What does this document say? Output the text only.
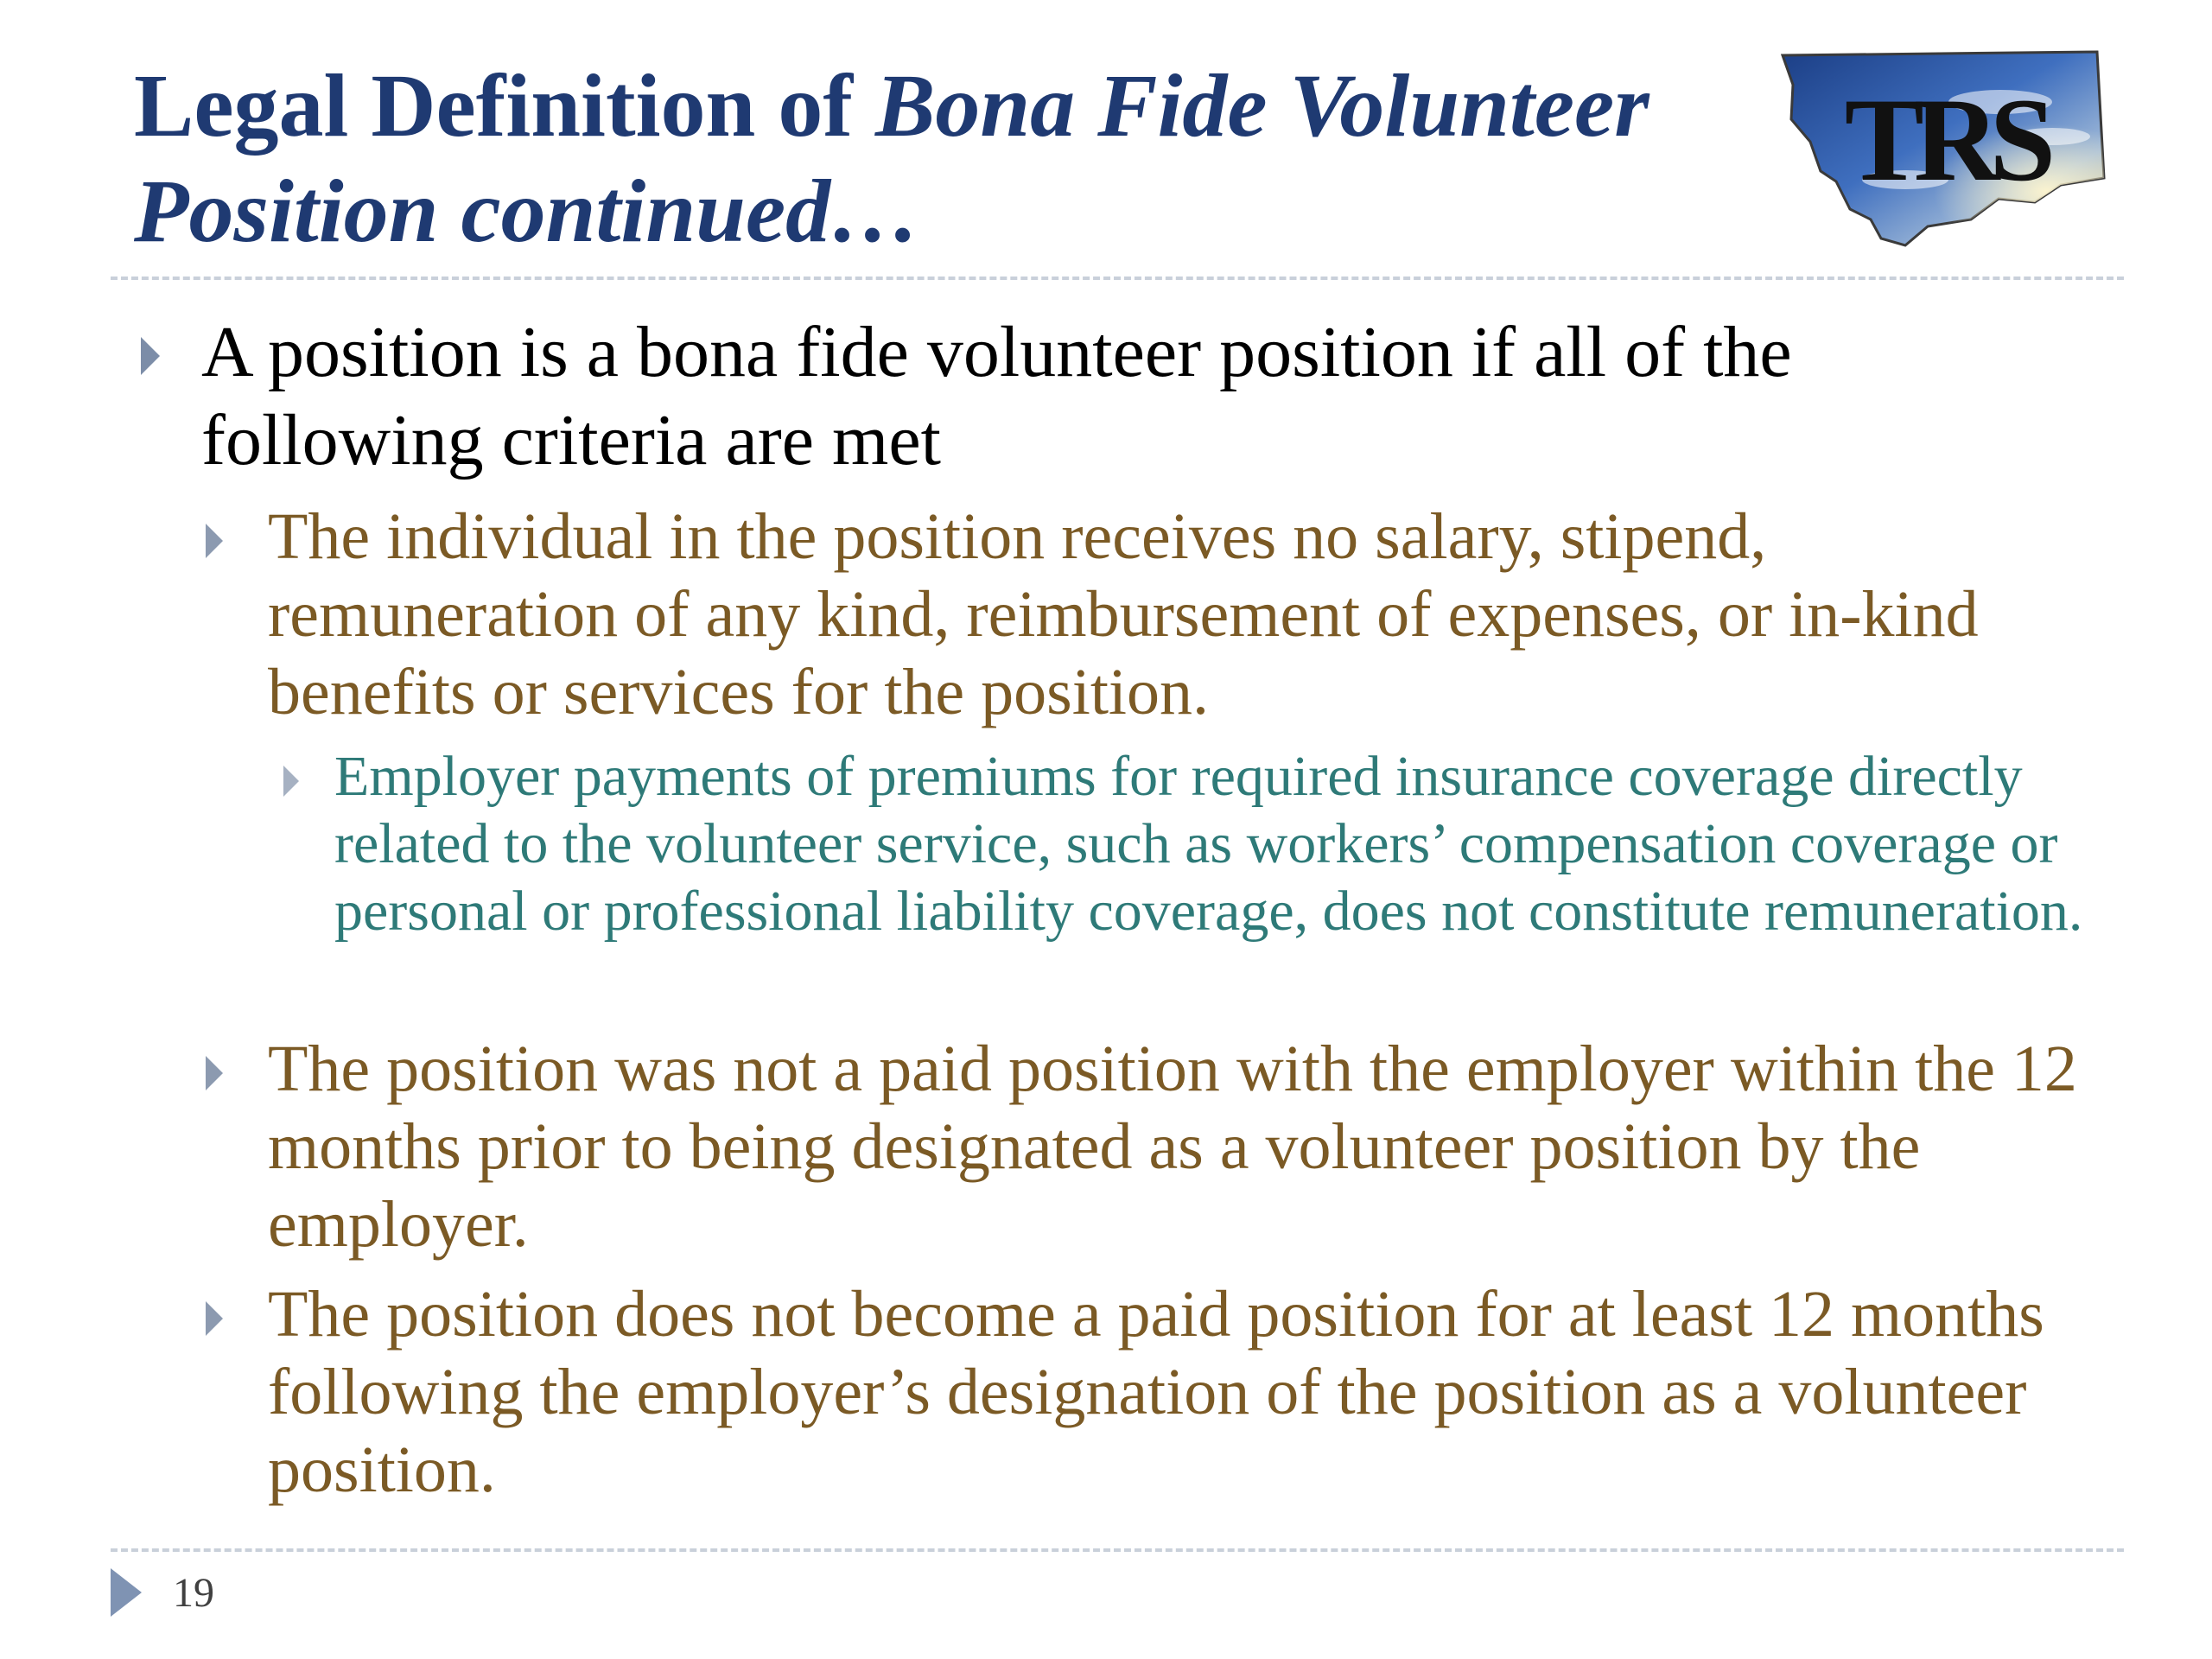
Legal Definition of Bona Fide Volunteer Position continued…
TRS

A position is a bona fide volunteer position if all of the following criteria are met

The individual in the position receives no salary, stipend, remuneration of any kind, reimbursement of expenses, or in-kind benefits or services for the position.

Employer payments of premiums for required insurance coverage directly related to the volunteer service, such as workers’ compensation coverage or personal or professional liability coverage, does not constitute remuneration.

The position was not a paid position with the employer within the 12 months prior to being designated as a volunteer position by the employer.

The position does not become a paid position for at least 12 months following the employer’s designation of the position as a volunteer position.

19
